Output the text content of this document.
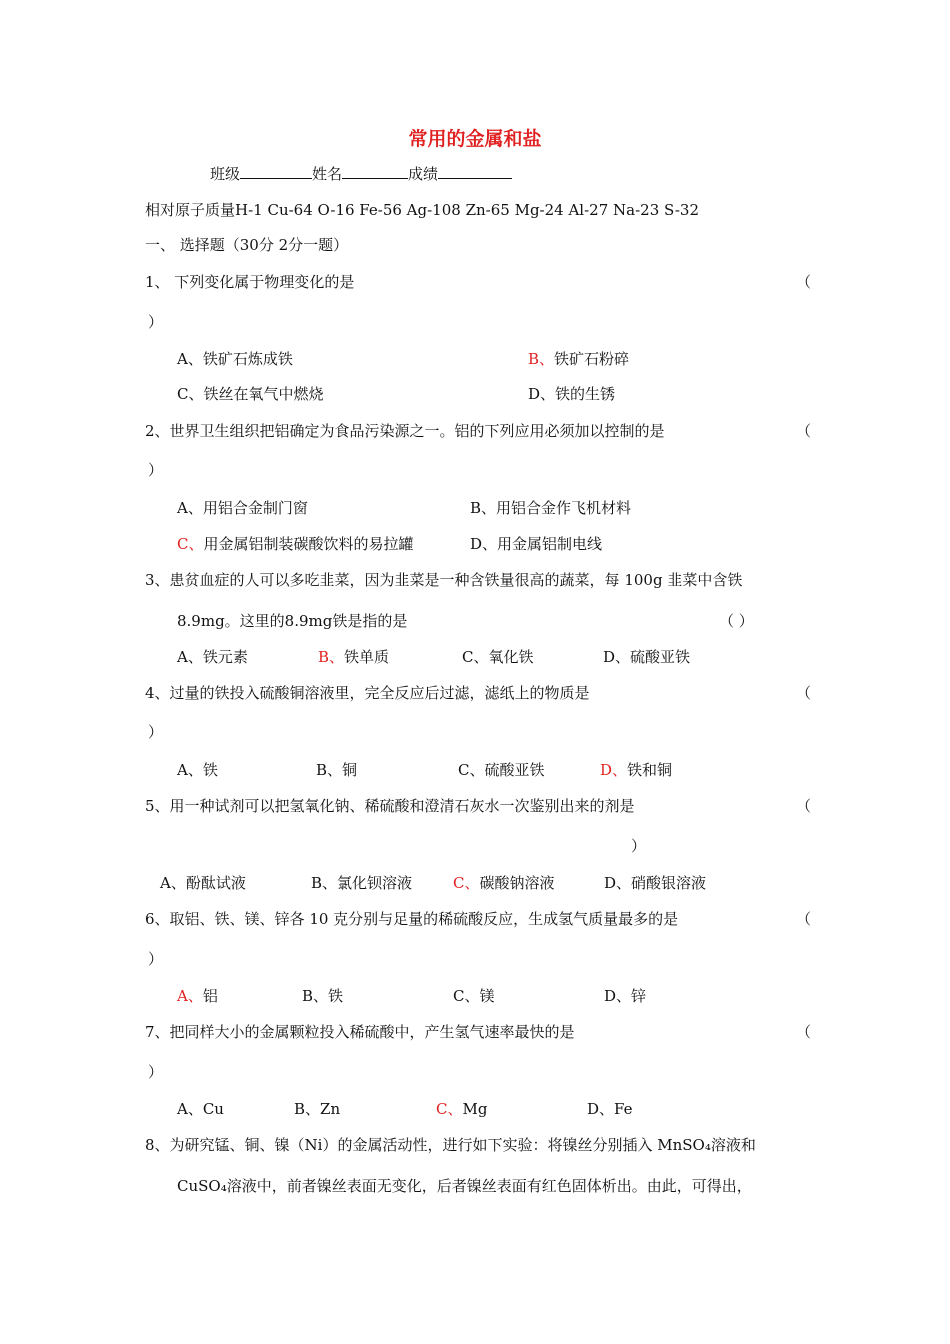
常用的金属和盐
班级	姓名	成绩
相对原子质量H-1 Cu-64 O-16 Fe-56 Ag-108 Zn-65 Mg-24 Al-27 Na-23 S-32
一、 选择题（30分 2分一题）
1、 下列变化属于物理变化的是	（
）
A、铁矿石炼成铁	B、铁矿石粉碎
C、铁丝在氧气中燃烧	D、铁的生锈
2、世界卫生组织把铝确定为食品污染源之一。铝的下列应用必须加以控制的是	（
）
A、用铝合金制门窗	B、用铝合金作飞机材料
C、用金属铝制装碳酸饮料的易拉罐	D、用金属铝制电线
3、患贫血症的人可以多吃韭菜，因为韭菜是一种含铁量很高的蔬菜，每 100g 韭菜中含铁
8.9mg。这里的8.9mg铁是指的是	（ ）
A、铁元素	B、铁单质	C、氧化铁	D、硫酸亚铁
4、过量的铁投入硫酸铜溶液里，完全反应后过滤，滤纸上的物质是	（
）
A、铁	B、铜	C、硫酸亚铁	D、铁和铜
5、用一种试剂可以把氢氧化钠、稀硫酸和澄清石灰水一次鉴别出来的剂是	（
）
A、酚酞试液	B、氯化钡溶液	C、碳酸钠溶液	D、硝酸银溶液
6、取铝、铁、镁、锌各 10 克分别与足量的稀硫酸反应，生成氢气质量最多的是	（
）
A、铝	B、铁	C、镁	D、锌
7、把同样大小的金属颗粒投入稀硫酸中，产生氢气速率最快的是	（
）
A、Cu	B、Zn	C、Mg	D、Fe
8、为研究锰、铜、镍（Ni）的金属活动性，进行如下实验：将镍丝分别插入 MnSO₄溶液和
CuSO₄溶液中，前者镍丝表面无变化，后者镍丝表面有红色固体析出。由此，可得出，
